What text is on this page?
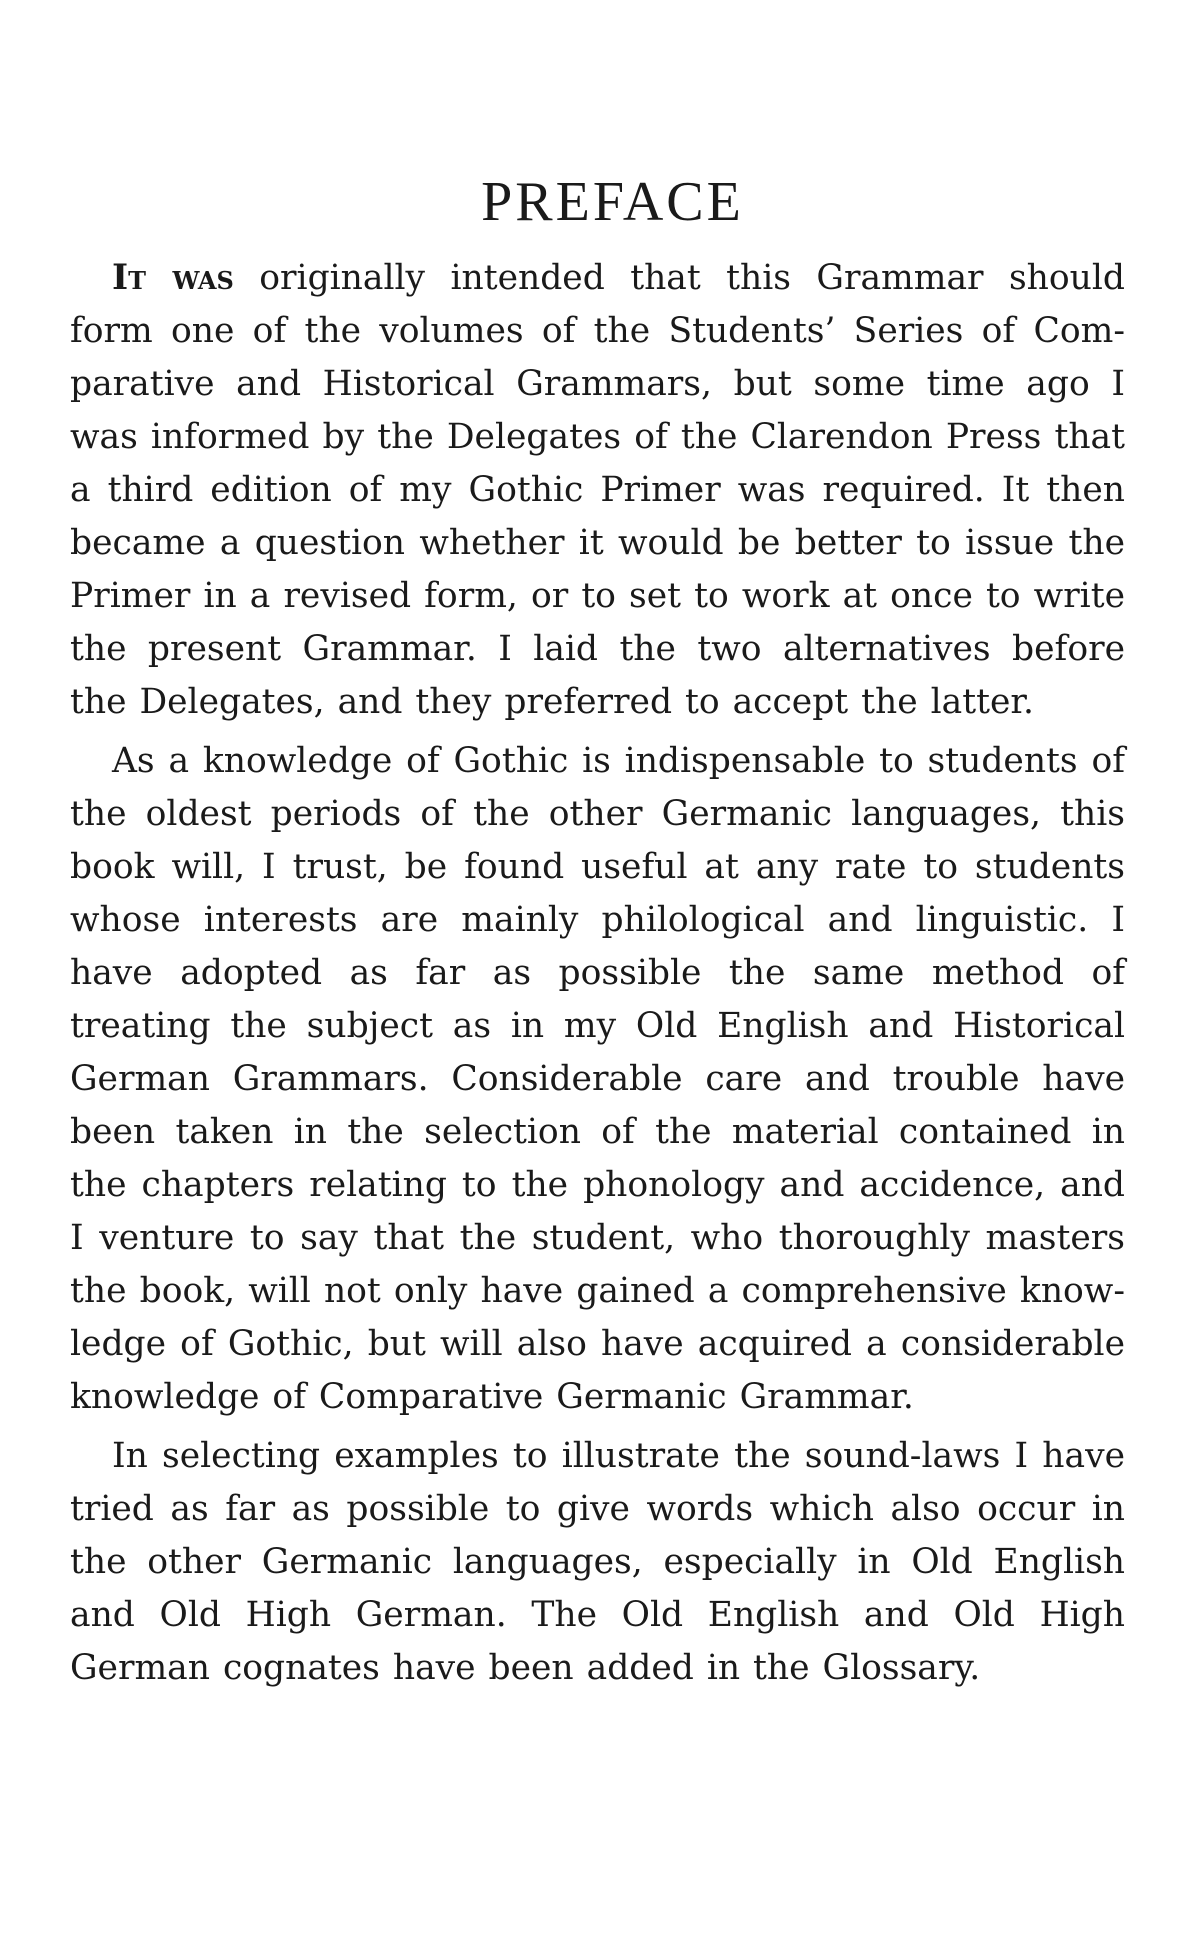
PREFACE

It was originally intended that this Grammar should form one of the volumes of the Students’ Series of Com-parative and Historical Grammars, but some time ago I was informed by the Delegates of the Clarendon Press that a third edition of my Gothic Primer was required. It then became a question whether it would be better to issue the Primer in a revised form, or to set to work at once to write the present Grammar. I laid the two alternatives before the Delegates, and they preferred to accept the latter.

As a knowledge of Gothic is indispensable to students of the oldest periods of the other Germanic languages, this book will, I trust, be found useful at any rate to students whose interests are mainly philological and linguistic. I have adopted as far as possible the same method of treating the subject as in my Old English and Historical German Grammars. Considerable care and trouble have been taken in the selection of the material contained in the chapters relating to the phonology and accidence, and I venture to say that the student, who thoroughly masters the book, will not only have gained a comprehensive know-ledge of Gothic, but will also have acquired a considerable knowledge of Comparative Germanic Grammar.

In selecting examples to illustrate the sound-laws I have tried as far as possible to give words which also occur in the other Germanic languages, especially in Old English and Old High German. The Old English and Old High German cognates have been added in the Glossary.
